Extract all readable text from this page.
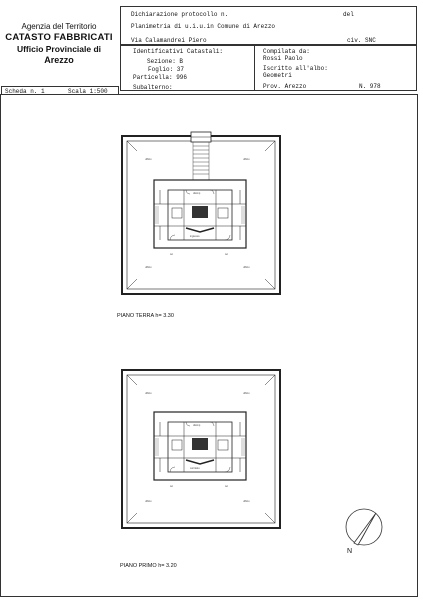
Agenzia del Territorio
CATASTO FABBRICATI
Ufficio Provinciale di
Arezzo
Dichiarazione protocollo n.	del
Planimetria di u.i.u.in Comune di Arezzo
Via Calamandrei Piero	civ. SNC
Identificativi Catastali:
Sezione: B
Foglio: 37
Particella: 996
Subalterno:
Compilata da:
Rossi Paolo
Iscritto all'albo:
Geometri
Prov. Arezzo	N. 978
Scheda n. 1	Scala 1:500
ufficio	ufficio
disimp
ingresso
ufficio	ufficio
wc	wc
ufficio	ufficio
disimp
corridoio
ufficio	ufficio
wc	wc
PIANO TERRA h= 3.30
PIANO PRIMO h= 3.20
N
